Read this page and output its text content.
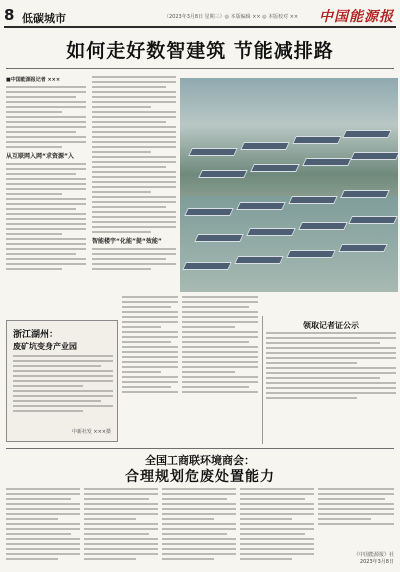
8 低碳城市	（2023年3月8日 星期三）◎ 本版编辑 ×× ◎ 本版校对 ×× 中国能源报
如何走好数智建筑 节能减排路
■中国能源报记者 ×××
从互联网入网“求资源”入
智能楼宇“化能”提“效能”
浙江湖州：
废矿坑变身产业园
中新社发 ×××摄
领取记者证公示
全国工商联环境商会：
合理规划危废处置能力
《中国能源报》社
2023年3月8日
